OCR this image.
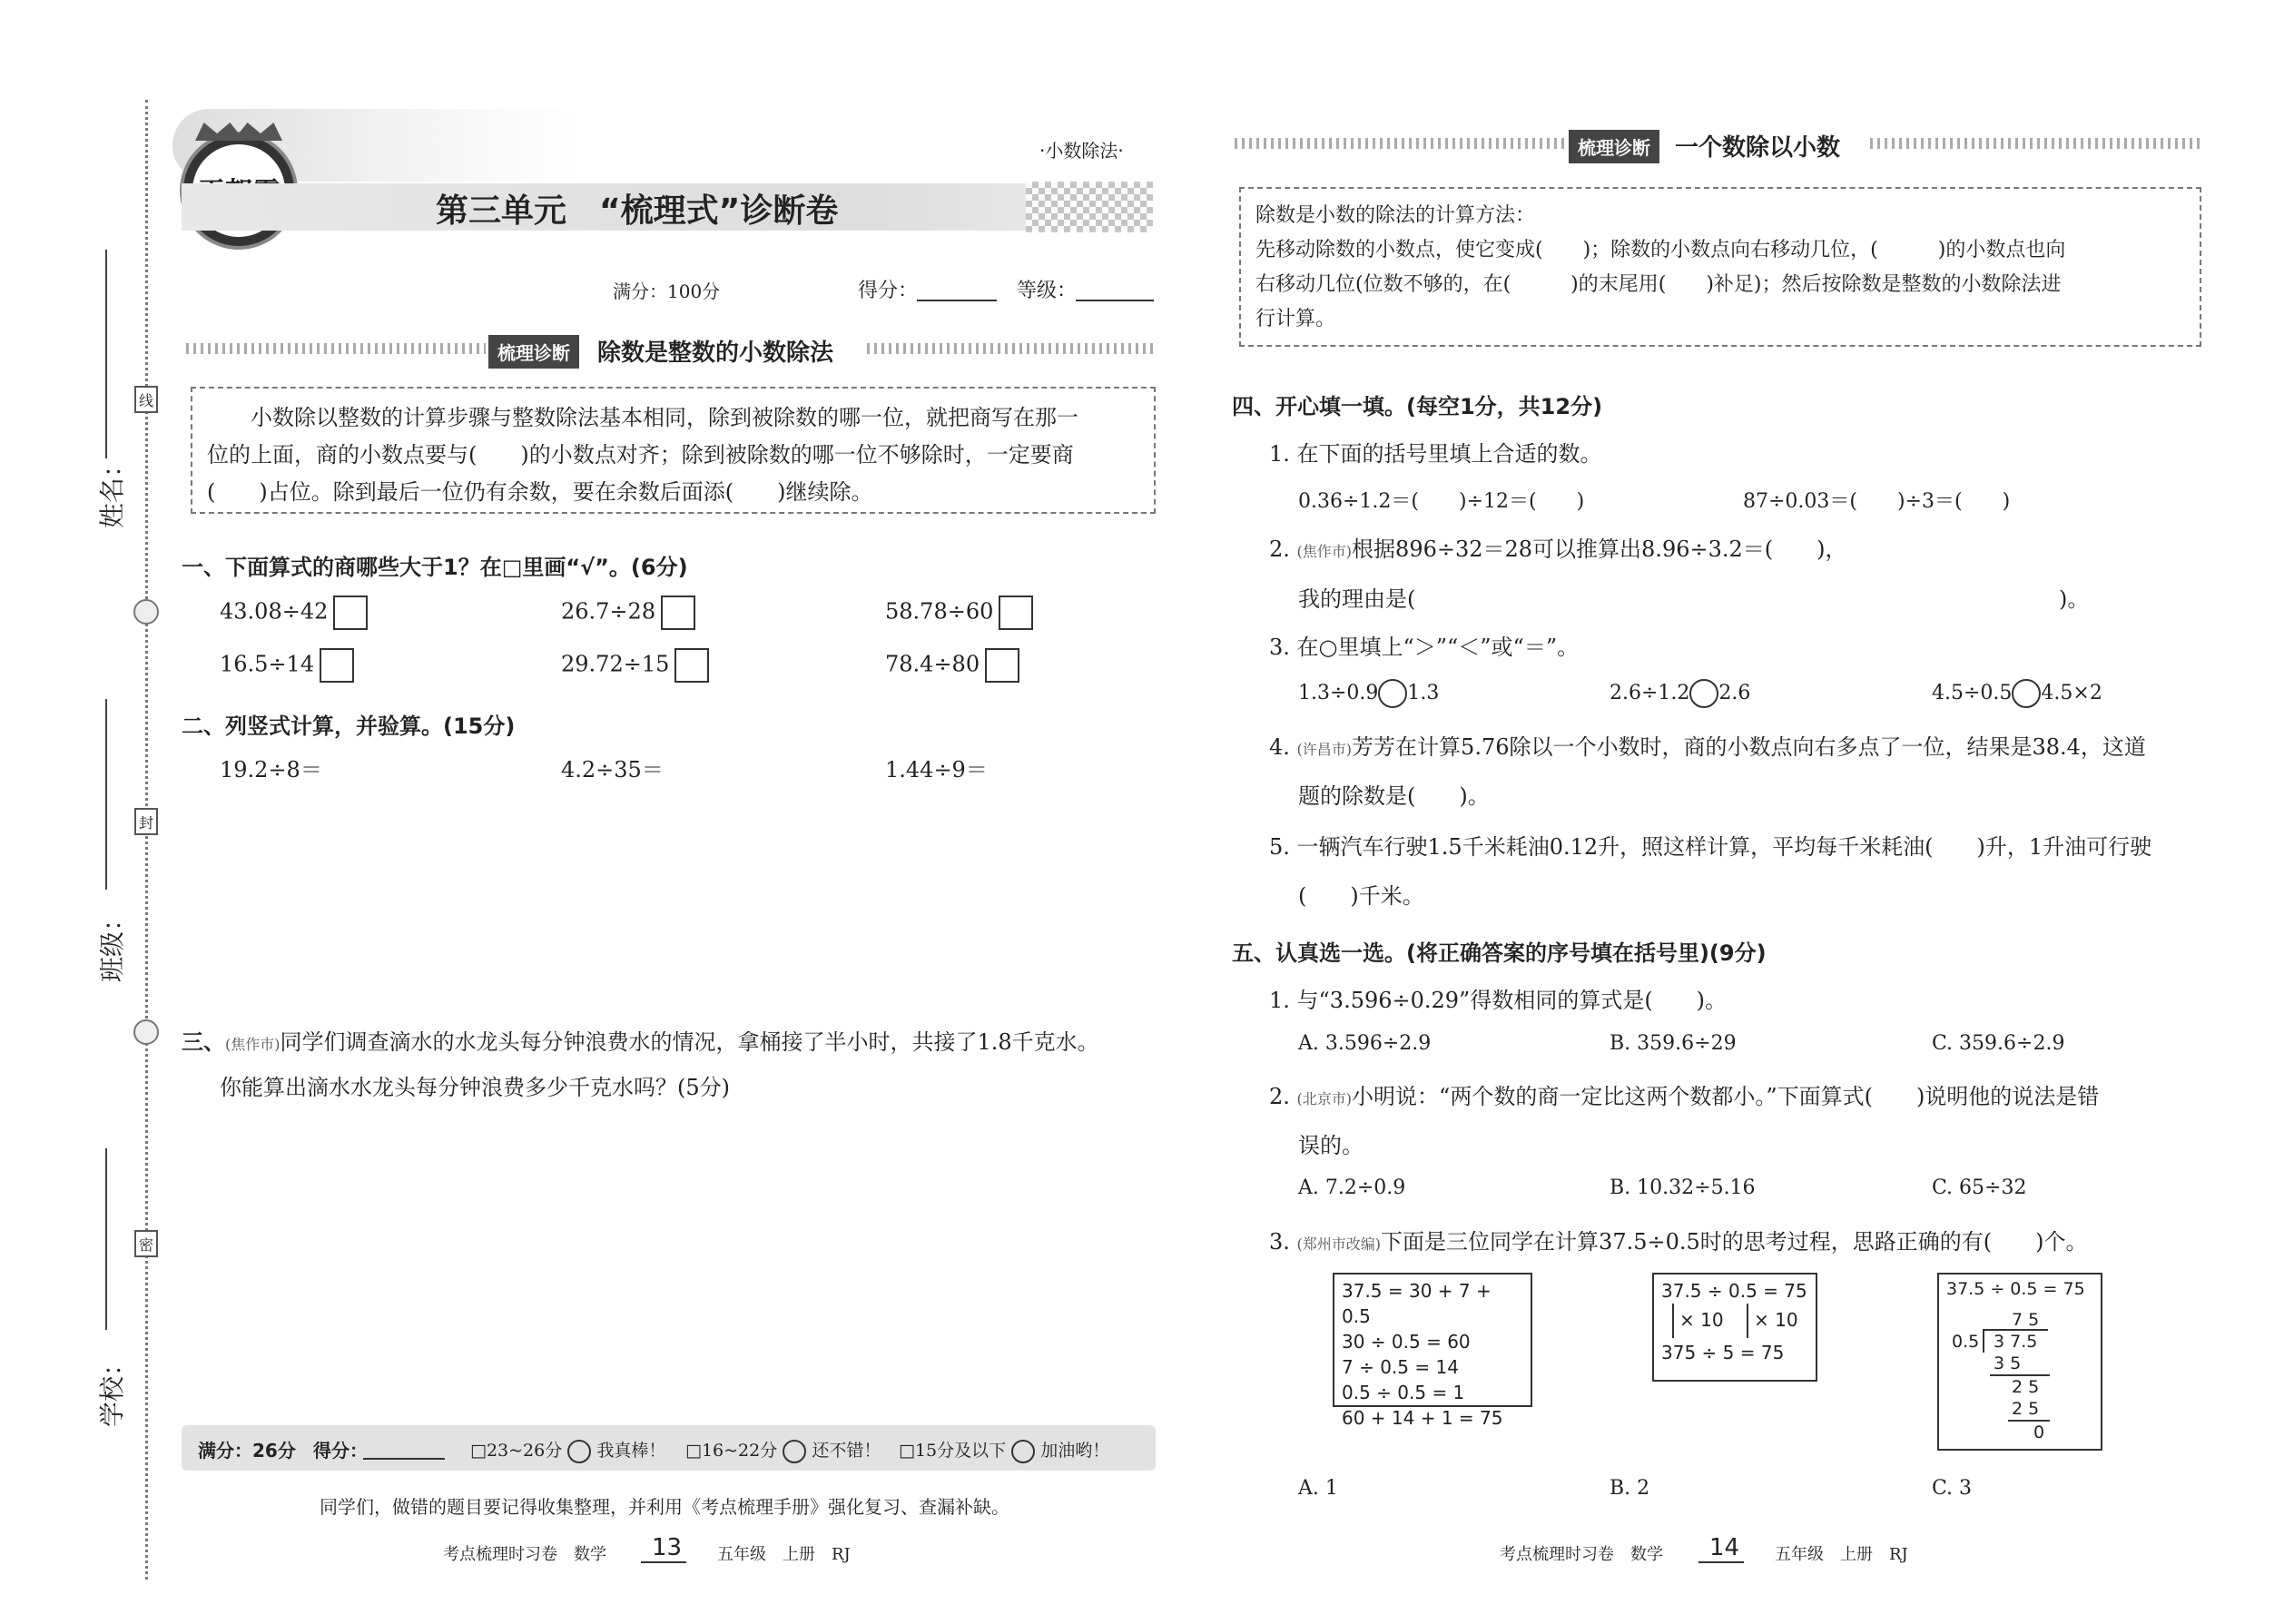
线
封
密
姓名：
班级：
学校：
第三单元　“梳理式”诊断卷
·小数除法·
满分：100分	得分：	等级：
梳理诊断	除数是整数的小数除法
　　小数除以整数的计算步骤与整数除法基本相同，除到被除数的哪一位，就把商写在那一
位的上面，商的小数点要与(　　)的小数点对齐；除到被除数的哪一位不够除时，一定要商
(　　)占位。除到最后一位仍有余数，要在余数后面添(　　)继续除。
一、下面算式的商哪些大于1？在□里画“√”。(6分)
43.08÷42	26.7÷28	58.78÷60
16.5÷14	29.72÷15	78.4÷80
二、列竖式计算，并验算。(15分)
19.2÷8＝	4.2÷35＝	1.44÷9＝
三、(焦作市)同学们调查滴水的水龙头每分钟浪费水的情况，拿桶接了半小时，共接了1.8千克水。
你能算出滴水水龙头每分钟浪费多少千克水吗？(5分)
满分：26分 得分：	□23~26分 我真棒！ □16~22分 还不错！ □15分及以下 加油哟！
同学们，做错的题目要记得收集整理，并利用《考点梳理手册》强化复习、查漏补缺。
考点梳理时习卷　数学 13 五年级　上册　RJ
梳理诊断	一个数除以小数
除数是小数的除法的计算方法：
先移动除数的小数点，使它变成(　　)；除数的小数点向右移动几位，(　　　)的小数点也向
右移动几位(位数不够的，在(　　　)的末尾用(　　)补足)；然后按除数是整数的小数除法进
行计算。
四、开心填一填。(每空1分，共12分)
1. 在下面的括号里填上合适的数。
0.36÷1.2＝(　　)÷12＝(　　)	87÷0.03＝(　　)÷3＝(　　)
2. (焦作市)根据896÷32＝28可以推算出8.96÷3.2＝(　　)，
我的理由是(	)。
3. 在○里填上“＞”“＜”或“＝”。
1.3÷0.9 1.3	2.6÷1.2 2.6	4.5÷0.5 4.5×2
4. (许昌市)芳芳在计算5.76除以一个小数时，商的小数点向右多点了一位，结果是38.4，这道
题的除数是(　　)。
5. 一辆汽车行驶1.5千米耗油0.12升，照这样计算，平均每千米耗油(　　)升，1升油可行驶
(　　)千米。
五、认真选一选。(将正确答案的序号填在括号里)(9分)
1. 与“3.596÷0.29”得数相同的算式是(　　)。
A. 3.596÷2.9	B. 359.6÷29	C. 359.6÷2.9
2. (北京市)小明说：“两个数的商一定比这两个数都小。”下面算式(　　)说明他的说法是错
误的。
A. 7.2÷0.9	B. 10.32÷5.16	C. 65÷32
3. (郑州市改编)下面是三位同学在计算37.5÷0.5时的思考过程，思路正确的有(　　)个。
37.5 = 30 + 7 + 0.5
30 ÷ 0.5 = 60
7 ÷ 0.5 = 14
0.5 ÷ 0.5 = 1
60 + 14 + 1 = 75
37.5 ÷ 0.5 = 75
× 10 × 10
375 ÷ 5 = 75
37.5 ÷ 0.5 = 75
7 5
0.5 3 7.5
3 5
2 5
2 5
0
A. 1	B. 2	C. 3
考点梳理时习卷　数学 14 五年级　上册　RJ
